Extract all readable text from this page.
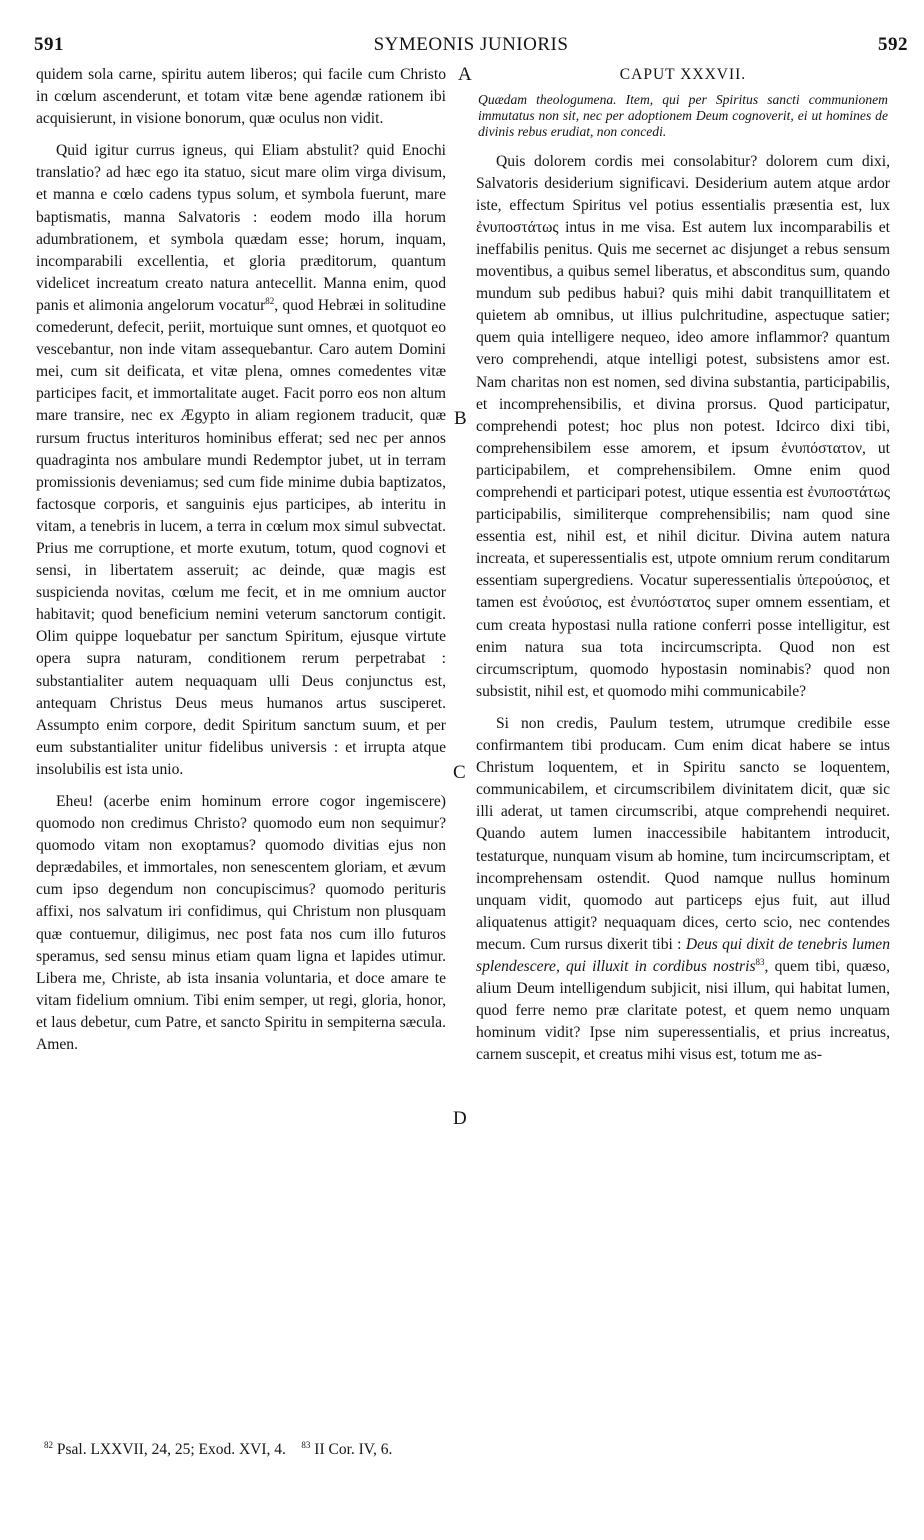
591	SYMEONIS JUNIORIS	592

quidem sola carne, spiritu autem liberos; qui facile cum Christo in cœlum ascenderunt, et totam vitæ bene agendæ rationem ibi acquisierunt, in visione bonorum, quæ oculus non vidit.

Quid igitur currus igneus, qui Eliam abstulit? quid Enochi translatio? ad hæc ego ita statuo, sicut mare olim virga divisum, et manna e cœlo cadens typus solum, et symbola fuerunt, mare baptismatis, manna Salvatoris : eodem modo illa horum adumbrationem, et symbola quædam esse; horum, inquam, incomparabili excellentia, et gloria præditorum, quantum videlicet increatum creato natura antecellit. Manna enim, quod panis et alimonia angelorum vocatur$^{82}$, quod Hebræi in solitudine comederunt, defecit, periit, mortuique sunt omnes, et quotquot eo vescebantur, non inde vitam assequebantur. Caro autem Domini mei, cum sit deificata, et vitæ plena, omnes comedentes vitæ participes facit, et immortalitate auget. Facit porro eos non altum mare transire, nec ex Ægypto in aliam regionem traducit, quæ rursum fructus interituros hominibus efferat; sed nec per annos quadraginta nos ambulare mundi Redemptor jubet, ut in terram promissionis deveniamus; sed cum fide minime dubia baptizatos, factosque corporis, et sanguinis ejus participes, ab interitu in vitam, a tenebris in lucem, a terra in cœlum mox simul subvectat. Prius me corruptione, et morte exutum, totum, quod cognovi et sensi, in libertatem asseruit; ac deinde, quæ magis est suspicienda novitas, cœlum me fecit, et in me omnium auctor habitavit; quod beneficium nemini veterum sanctorum contigit. Olim quippe loquebatur per sanctum Spiritum, ejusque virtute opera supra naturam, conditionem rerum perpetrabat : substantialiter autem nequaquam ulli Deus conjunctus est, antequam Christus Deus meus humanos artus susciperet. Assumpto enim corpore, dedit Spiritum sanctum suum, et per eum substantialiter unitur fidelibus universis : et irrupta atque insolubilis est ista unio.

Eheu! (acerbe enim hominum errore cogor ingemiscere) quomodo non credimus Christo? quomodo eum non sequimur? quomodo vitam non exoptamus? quomodo divitias ejus non deprædabiles, et immortales, non senescentem gloriam, et ævum cum ipso degendum non concupiscimus? quomodo perituris affixi, nos salvatum iri confidimus, qui Christum non plusquam quæ contuemur, diligimus, nec post fata nos cum illo futuros speramus, sed sensu minus etiam quam ligna et lapides utimur. Libera me, Christe, ab ista insania voluntaria, et doce amare te vitam fidelium omnium. Tibi enim semper, ut regi, gloria, honor, et laus debetur, cum Patre, et sancto Spiritu in sempiterna sæcula. Amen.

CAPUT XXXVII.
Quædam theologumena. Item, qui per Spiritus sancti communionem immutatus non sit, nec per adoptionem Deum cognoverit, ei ut homines de divinis rebus erudiat, non concedi.

Quis dolorem cordis mei consolabitur? dolorem cum dixi, Salvatoris desiderium significavi. Desiderium autem atque ardor iste, effectum Spiritus vel potius essentialis præsentia est, lux ἐνυποστάτως intus in me visa. Est autem lux incomparabilis et ineffabilis penitus. Quis me secernet ac disjunget a rebus sensum moventibus, a quibus semel liberatus, et absconditus sum, quando mundum sub pedibus habui? quis mihi dabit tranquillitatem et quietem ab omnibus, ut illius pulchritudine, aspectuque satier; quem quia intelligere nequeo, ideo amore inflammor? quantum vero comprehendi, atque intelligi potest, subsistens amor est. Nam charitas non est nomen, sed divina substantia, participabilis, et incomprehensibilis, et divina prorsus. Quod participatur, comprehendi potest; hoc plus non potest. Idcirco dixi tibi, comprehensibilem esse amorem, et ipsum ἐνυπόστατον, ut participabilem, et comprehensibilem. Omne enim quod comprehendi et participari potest, utique essentia est ἐνυποστάτως participabilis, similiterque comprehensibilis; nam quod sine essentia est, nihil est, et nihil dicitur. Divina autem natura increata, et superessentialis est, utpote omnium rerum conditarum essentiam supergrediens. Vocatur superessentialis ὑπερούσιος, et tamen est ἐνούσιος, est ἐνυπόστατος super omnem essentiam, et cum creata hypostasi nulla ratione conferri posse intelligitur, est enim natura sua tota incircumscripta. Quod non est circumscriptum, quomodo hypostasin nominabis? quod non subsistit, nihil est, et quomodo mihi communicabile?

Si non credis, Paulum testem, utrumque credibile esse confirmantem tibi producam. Cum enim dicat habere se intus Christum loquentem, et in Spiritu sancto se loquentem, communicabilem, et circumscribilem divinitatem dicit, quæ sic illi aderat, ut tamen circumscribi, atque comprehendi nequiret. Quando autem lumen inaccessibile habitantem introducit, testaturque, nunquam visum ab homine, tum incircumscriptam, et incomprehensam ostendit. Quod namque nullus hominum unquam vidit, quomodo aut particeps ejus fuit, aut illud aliquatenus attigit? nequaquam dices, certo scio, nec contendes mecum. Cum rursus dixerit tibi : Deus qui dixit de tenebris lumen splendescere, qui illuxit in cordibus nostris$^{83}$, quem tibi, quæso, alium Deum intelligendum subjicit, nisi illum, qui habitat lumen, quod ferre nemo præ claritate potest, et quem nemo unquam hominum vidit? Ipse nim superessentialis, et prius increatus, carnem suscepit, et creatus mihi visus est, totum me as-

A
B
C
D
$^{82}$ Psal. LXXVII, 24, 25; Exod. XVI, 4. $^{83}$ II Cor. IV, 6.
